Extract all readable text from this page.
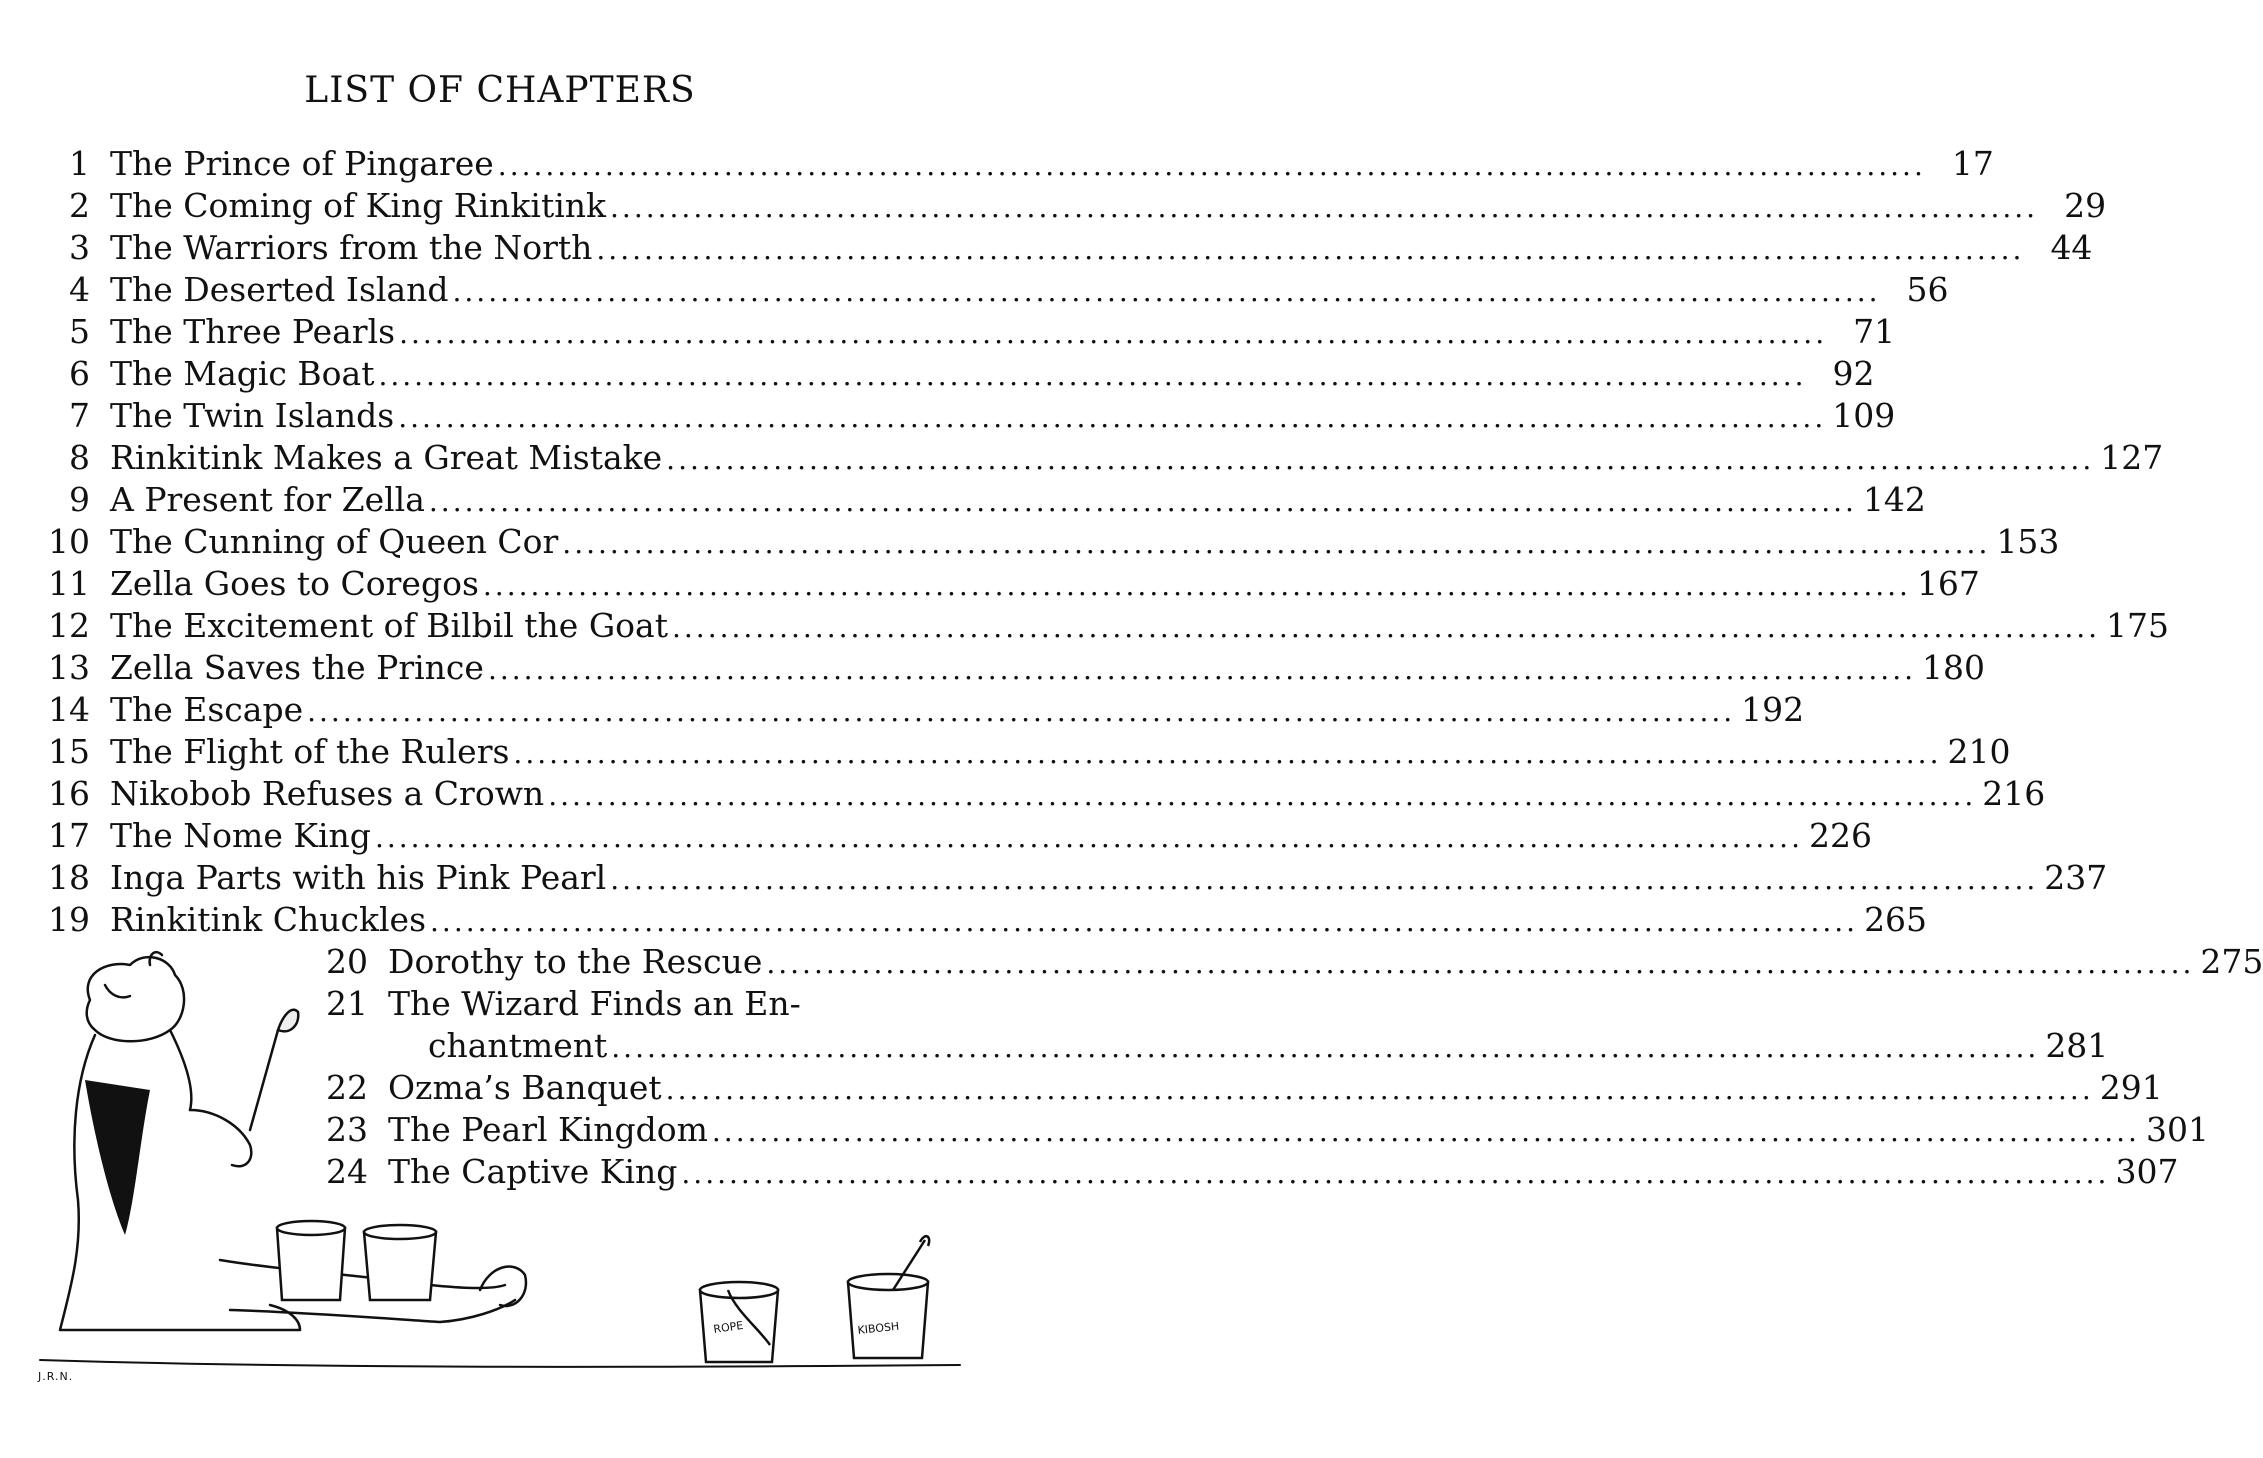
LIST OF CHAPTERS
1 The Prince of Pingaree ........................................................................................................................ 17
2 The Coming of King Rinkitink ........................................................................................................................ 29
3 The Warriors from the North ........................................................................................................................ 44
4 The Deserted Island ........................................................................................................................ 56
5 The Three Pearls ........................................................................................................................ 71
6 The Magic Boat ........................................................................................................................ 92
7 The Twin Islands ........................................................................................................................ 109
8 Rinkitink Makes a Great Mistake ........................................................................................................................ 127
9 A Present for Zella ........................................................................................................................ 142
10 The Cunning of Queen Cor ........................................................................................................................ 153
11 Zella Goes to Coregos ........................................................................................................................ 167
12 The Excitement of Bilbil the Goat ........................................................................................................................ 175
13 Zella Saves the Prince ........................................................................................................................ 180
14 The Escape ........................................................................................................................ 192
15 The Flight of the Rulers ........................................................................................................................ 210
16 Nikobob Refuses a Crown ........................................................................................................................ 216
17 The Nome King ........................................................................................................................ 226
18 Inga Parts with his Pink Pearl ........................................................................................................................ 237
19 Rinkitink Chuckles ........................................................................................................................ 265
20 Dorothy to the Rescue ........................................................................................................................ 275
21 The Wizard Finds an En-
chantment ........................................................................................................................ 281
22 Ozma’s Banquet ........................................................................................................................ 291
23 The Pearl Kingdom ........................................................................................................................ 301
24 The Captive King ........................................................................................................................ 307
ROPE	KIBOSH
J.R.N.
